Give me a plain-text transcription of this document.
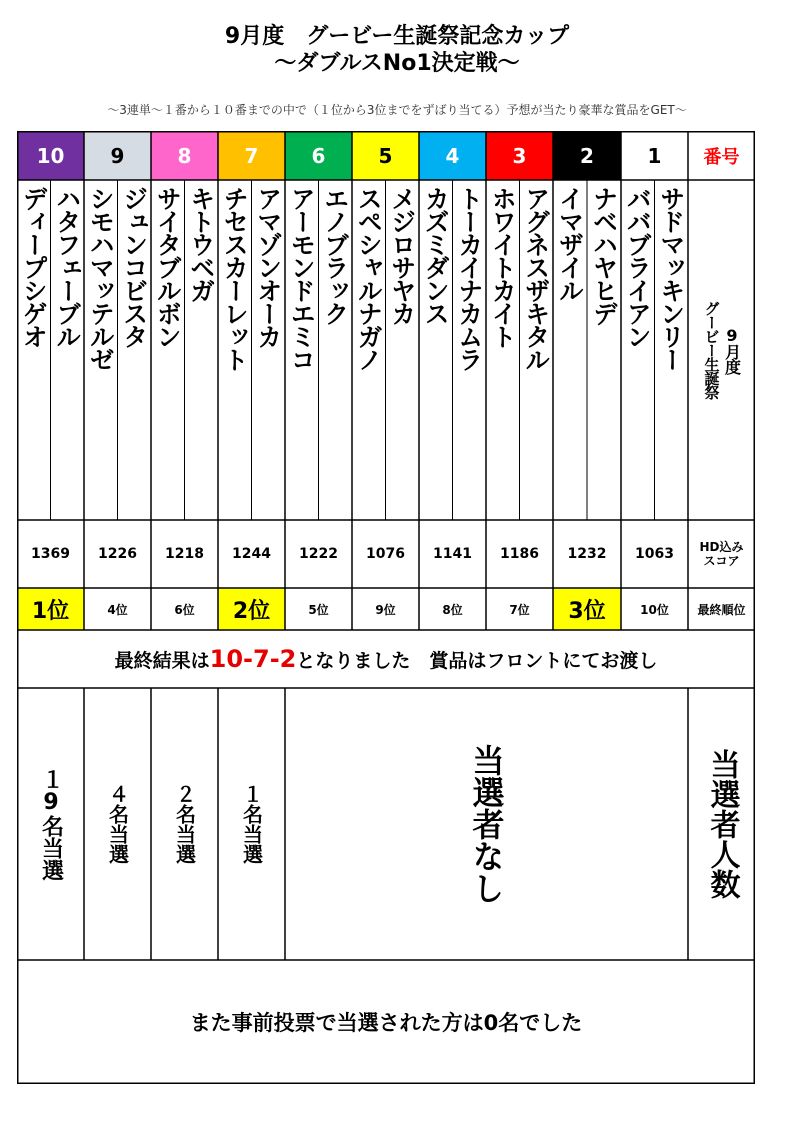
9月度　グービー生誕祭記念カップ
〜ダブルスNo1決定戦〜
〜3連単〜１番から１０番までの中で（１位から3位までをずばり当てる）予想が当たり豪華な賞品をGET〜
10
ハタフェーブル
ディープシゲオ
1369
1位
9
ジュンコビスタ
シモハマッテルゼ
1226
4位
8
キトウベガ
サイタブルボン
1218
6位
7
アマゾンオーカ
チセスカーレット
1244
2位
6
エノブラック
アーモンドエミコ
1222
5位
5
メジロサヤカ
スペシャルナガノ
1076
9位
4
トーカイナカムラ
カズミダンス
1141
8位
3
アグネスザキタル
ホワイトカイト
1186
7位
2
ナベハヤヒデ
イマザイル
1232
3位
1
サドマッキンリー
ババブライアン
1063
10位
番号
9月度
グービー生誕祭
HD込み
スコア
最終順位
最終結果は 10-7-2 となりました　賞品はフロントにてお渡し
１9名当選 ４名当選 ２名当選 １名当選	当選者なし	当選者人数
また事前投票で当選された方は0名でした
